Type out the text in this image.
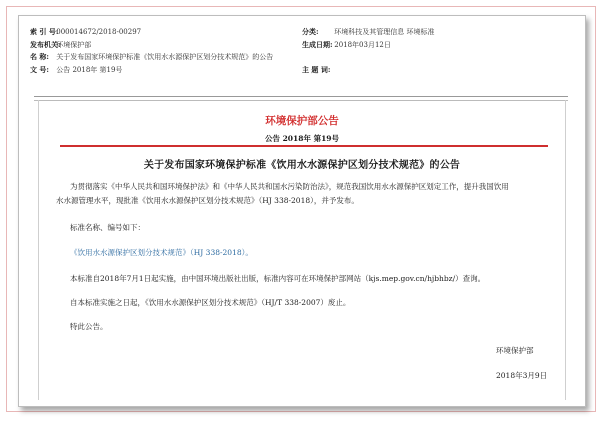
索 引 号: 000014672/2018-00297	分类: 环境科技及其管理信息 环境标准
发布机关: 环境保护部	生成日期: 2018年03月12日
名 称: 关于发布国家环境保护标准《饮用水水源保护区划分技术规范》的公告
文 号: 公告 2018年 第19号	主 题 词:
环境保护部公告
公告 2018年 第19号
关于发布国家环境保护标准《饮用水水源保护区划分技术规范》的公告
为贯彻落实《中华人民共和国环境保护法》和《中华人民共和国水污染防治法》，规范我国饮用水水源保护区划定工作，提升我国饮用
水水源管理水平，现批准《饮用水水源保护区划分技术规范》（HJ 338-2018），并予发布。
标准名称、编号如下：
《饮用水水源保护区划分技术规范》（HJ 338-2018）。
本标准自2018年7月1日起实施，由中国环境出版社出版，标准内容可在环境保护部网站（kjs.mep.gov.cn/hjbhbz/）查询。
自本标准实施之日起，《饮用水水源保护区划分技术规范》（HJ/T 338-2007）废止。
特此公告。
环境保护部
2018年3月9日
